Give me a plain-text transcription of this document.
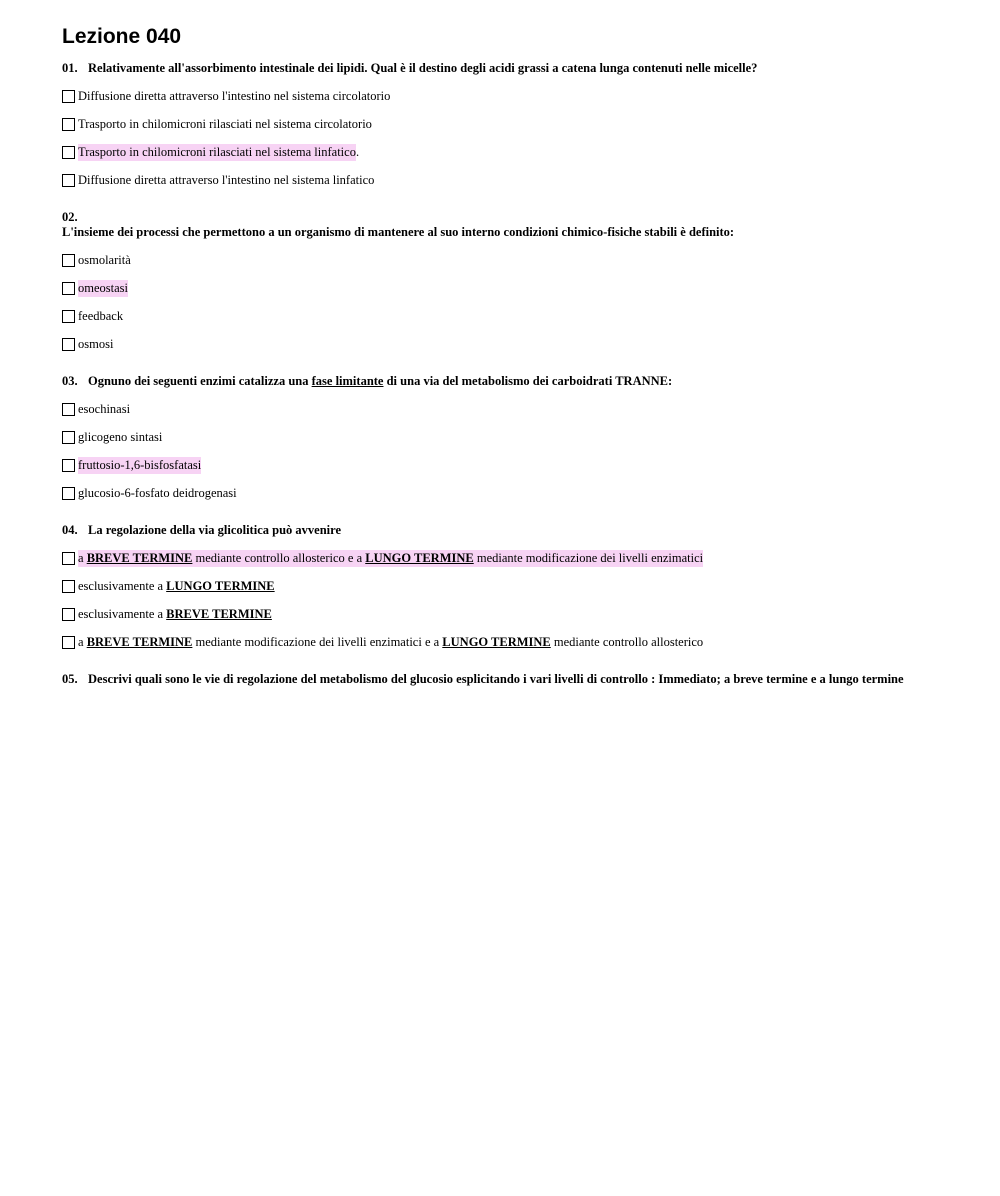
Lezione 040
01. Relativamente all'assorbimento intestinale dei lipidi. Qual è il destino degli acidi grassi a catena lunga contenuti nelle micelle?
Diffusione diretta attraverso l'intestino nel sistema circolatorio
Trasporto in chilomicroni rilasciati nel sistema circolatorio
Trasporto in chilomicroni rilasciati nel sistema linfatico .
Diffusione diretta attraverso l'intestino nel sistema linfatico
02.
L'insieme dei processi che permettono a un organismo di mantenere al suo interno condizioni chimico-fisiche stabili è definito:
osmolarità
omeostasi
feedback
osmosi
03. Ognuno dei seguenti enzimi catalizza una fase limitante di una via del metabolismo dei carboidrati TRANNE:
esochinasi
glicogeno sintasi
fruttosio-1,6-bisfosfatasi
glucosio-6-fosfato deidrogenasi
04. La regolazione della via glicolitica può avvenire
a BREVE TERMINE mediante controllo allosterico e a LUNGO TERMINE mediante modificazione dei livelli enzimatici
esclusivamente a LUNGO TERMINE
esclusivamente a BREVE TERMINE
a BREVE TERMINE mediante modificazione dei livelli enzimatici e a LUNGO TERMINE mediante controllo allosterico
05. Descrivi quali sono le vie di regolazione del metabolismo del glucosio esplicitando i vari livelli di controllo : Immediato; a breve termine e a lungo termine
